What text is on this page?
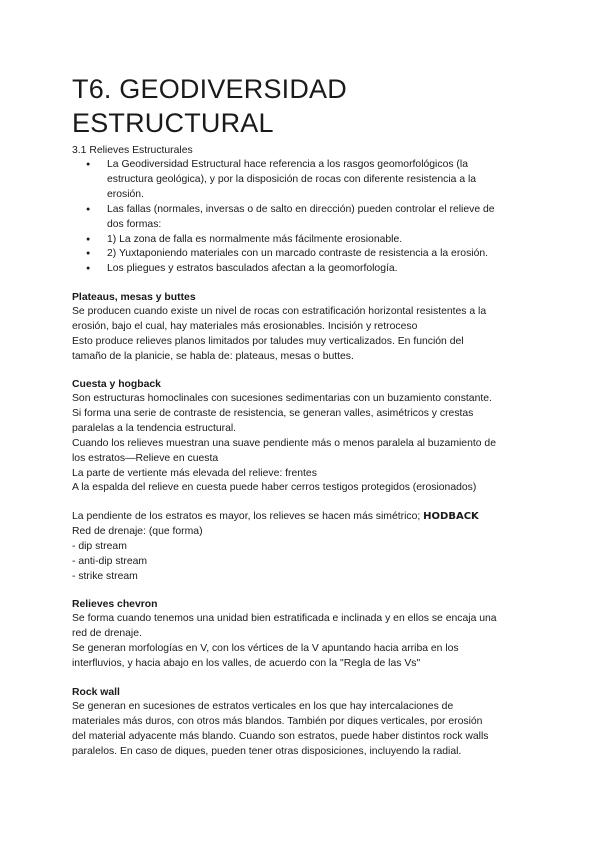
T6. GEODIVERSIDAD
ESTRUCTURAL

3.1 Relieves Estructurales

● La Geodiversidad Estructural hace referencia a los rasgos geomorfológicos (la
estructura geológica), y por la disposición de rocas con diferente resistencia a la
erosión.
● Las fallas (normales, inversas o de salto en dirección) pueden controlar el relieve de
dos formas:
● 1) La zona de falla es normalmente más fácilmente erosionable.
● 2) Yuxtaponiendo materiales con un marcado contraste de resistencia a la erosión.
● Los pliegues y estratos basculados afectan a la geomorfología.

Plateaus, mesas y buttes

Se producen cuando existe un nivel de rocas con estratificación horizontal resistentes a la
erosión, bajo el cual, hay materiales más erosionables. Incisión y retroceso
Esto produce relieves planos limitados por taludes muy verticalizados. En función del
tamaño de la planicie, se habla de: plateaus, mesas o buttes.

Cuesta y hogback

Son estructuras homoclinales con sucesiones sedimentarias con un buzamiento constante.
Si forma una serie de contraste de resistencia, se generan valles, asimétricos y crestas
paralelas a la tendencia estructural.
Cuando los relieves muestran una suave pendiente más o menos paralela al buzamiento de
los estratos—Relieve en cuesta
La parte de vertiente más elevada del relieve: frentes
A la espalda del relieve en cuesta puede haber cerros testigos protegidos (erosionados)

La pendiente de los estratos es mayor, los relieves se hacen más simétrico; HODBACK
Red de drenaje: (que forma)
- dip stream
- anti-dip stream
- strike stream

Relieves chevron

Se forma cuando tenemos una unidad bien estratificada e inclinada y en ellos se encaja una
red de drenaje.
Se generan morfologías en V, con los vértices de la V apuntando hacia arriba en los
interfluvios, y hacia abajo en los valles, de acuerdo con la "Regla de las Vs"

Rock wall

Se generan en sucesiones de estratos verticales en los que hay intercalaciones de
materiales más duros, con otros más blandos. También por diques verticales, por erosión
del material adyacente más blando. Cuando son estratos, puede haber distintos rock walls
paralelos. En caso de diques, pueden tener otras disposiciones, incluyendo la radial.
